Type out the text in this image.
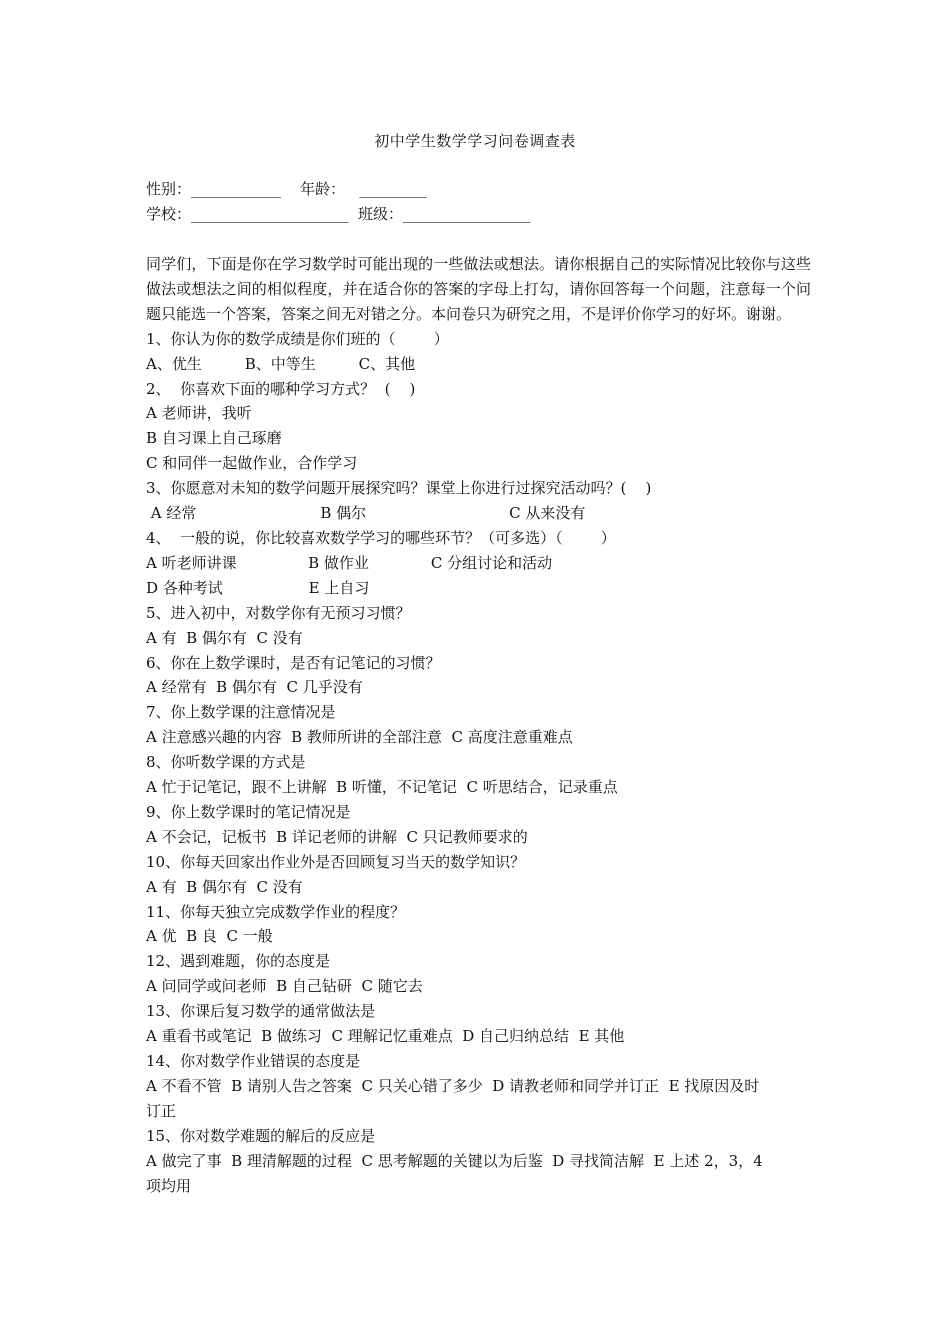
初中学生数学学习问卷调查表
性别：____________    年龄：   _________
学校：_____________________  班级：_________________
同学们，下面是你在学习数学时可能出现的一些做法或想法。请你根据自己的实际情况比较你与这些做法或想法之间的相似程度，并在适合你的答案的字母上打勾，请你回答每一个问题，注意每一个问题只能选一个答案，答案之间无对错之分。本问卷只为研究之用，不是评价你学习的好坏。谢谢。
1、你认为你的数学成绩是你们班的（        ）
A、优生         B、中等生         C、其他
2、  你喜欢下面的哪种学习方式？  (    )
A 老师讲，我听
B 自习课上自己琢磨
C 和同伴一起做作业，合作学习
3、你愿意对未知的数学问题开展探究吗？课堂上你进行过探究活动吗？(    )
A 经常                          B 偶尔                              C 从来没有
4、  一般的说，你比较喜欢数学学习的哪些环节？（可多选）（        ）
A 听老师讲课               B 做作业             C 分组讨论和活动
D 各种考试                  E 上自习
5、进入初中，对数学你有无预习习惯？
A 有  B 偶尔有  C 没有
6、你在上数学课时，是否有记笔记的习惯？
A 经常有  B 偶尔有  C 几乎没有
7、你上数学课的注意情况是
A 注意感兴趣的内容  B 教师所讲的全部注意  C 高度注意重难点
8、你听数学课的方式是
A 忙于记笔记，跟不上讲解  B 听懂，不记笔记  C 听思结合，记录重点
9、你上数学课时的笔记情况是
A 不会记，记板书  B 详记老师的讲解  C 只记教师要求的
10、你每天回家出作业外是否回顾复习当天的数学知识？
A 有  B 偶尔有  C 没有
11、你每天独立完成数学作业的程度？
A 优  B 良  C 一般
12、遇到难题，你的态度是
A 问同学或问老师  B 自己钻研  C 随它去
13、你课后复习数学的通常做法是
A 重看书或笔记  B 做练习  C 理解记忆重难点  D 自己归纳总结  E 其他
14、你对数学作业错误的态度是
A 不看不管  B 请别人告之答案  C 只关心错了多少  D 请教老师和同学并订正  E 找原因及时
订正
15、你对数学难题的解后的反应是
A 做完了事  B 理清解题的过程  C 思考解题的关键以为后鉴  D 寻找简洁解  E 上述 2，3，4
项均用
